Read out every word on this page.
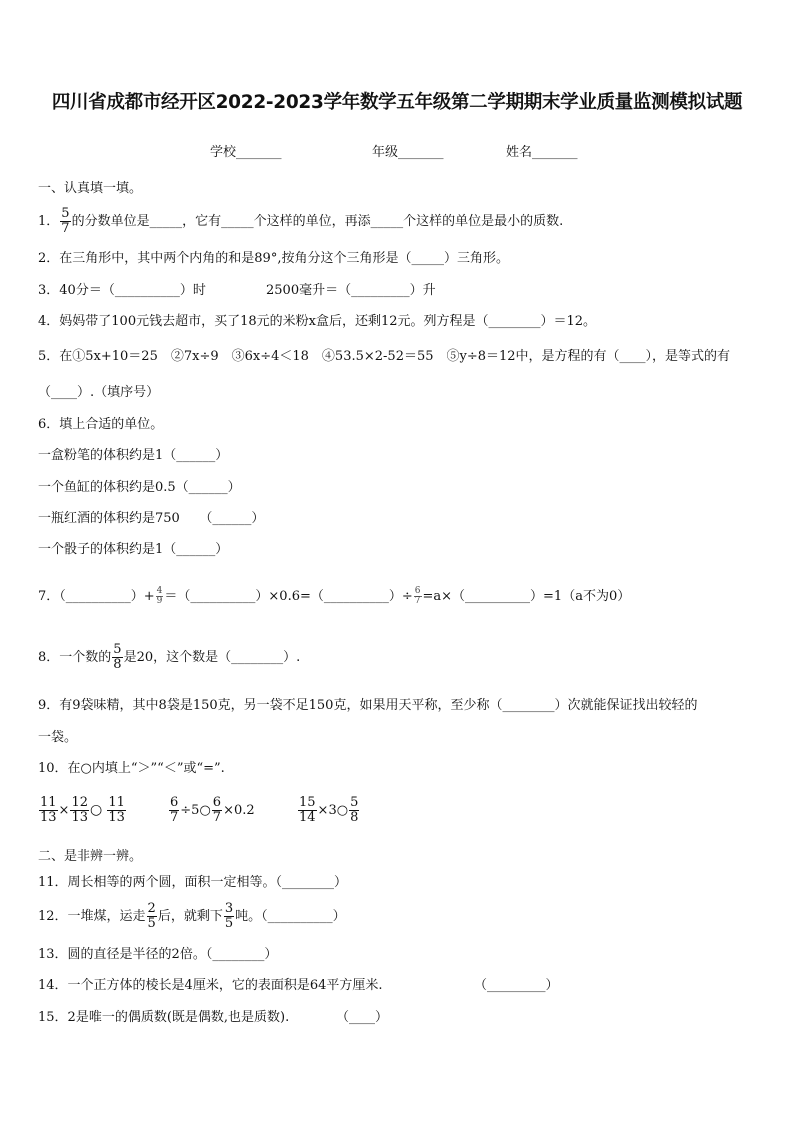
四川省成都市经开区2022-2023学年数学五年级第二学期期末学业质量监测模拟试题
学校_______	年级_______	姓名_______
一、认真填一填。
1． $\frac{5}{7}$ 的分数单位是_____，它有_____个这样的单位，再添_____个这样的单位是最小的质数.
2．在三角形中，其中两个内角的和是89°,按角分这个三角形是（_____）三角形。
3．40分＝（__________）时	2500毫升＝（_________）升
4．妈妈带了100元钱去超市，买了18元的米粉x盒后，还剩12元。列方程是（________）＝12。
5．在①5x+10＝25　②7x÷9　③6x÷4＜18　④53.5×2-52＝55　⑤y÷8＝12中，是方程的有（____），是等式的有
（____）.（填序号）
6．填上合适的单位。
一盒粉笔的体积约是1（______）
一个鱼缸的体积约是0.5（______）
一瓶红酒的体积约是750　　（______）
一个骰子的体积约是1（______）
7．（__________）+ $\frac{4}{9}$ ＝（__________）×0.6=（__________）÷ $\frac{6}{7}$ =a×（__________）=1（a不为0）
8．一个数的 $\frac{5}{8}$ 是20，这个数是（________）.
9．有9袋味精，其中8袋是150克，另一袋不足150克，如果用天平称，至少称（________）次就能保证找出较轻的
一袋。
10．在○内填上“＞”“＜”或“=”.
$\frac{11}{13} \times \frac{12}{13}$ ○ $\frac{11}{13}$	$\frac{6}{7}$ ÷5○ $\frac{6}{7} \times 0.2$	$\frac{15}{14}$ ×3○ $\frac{5}{8}$
二、是非辨一辨。
11．周长相等的两个圆，面积一定相等。（________）
12．一堆煤，运走 $\frac{2}{5}$ 后，就剩下 $\frac{3}{5}$ 吨。（__________）
13．圆的直径是半径的2倍。（________）
14．一个正方体的棱长是4厘米，它的表面积是64平方厘米.	（_________）
15．2是唯一的偶质数(既是偶数,也是质数).	（____）
